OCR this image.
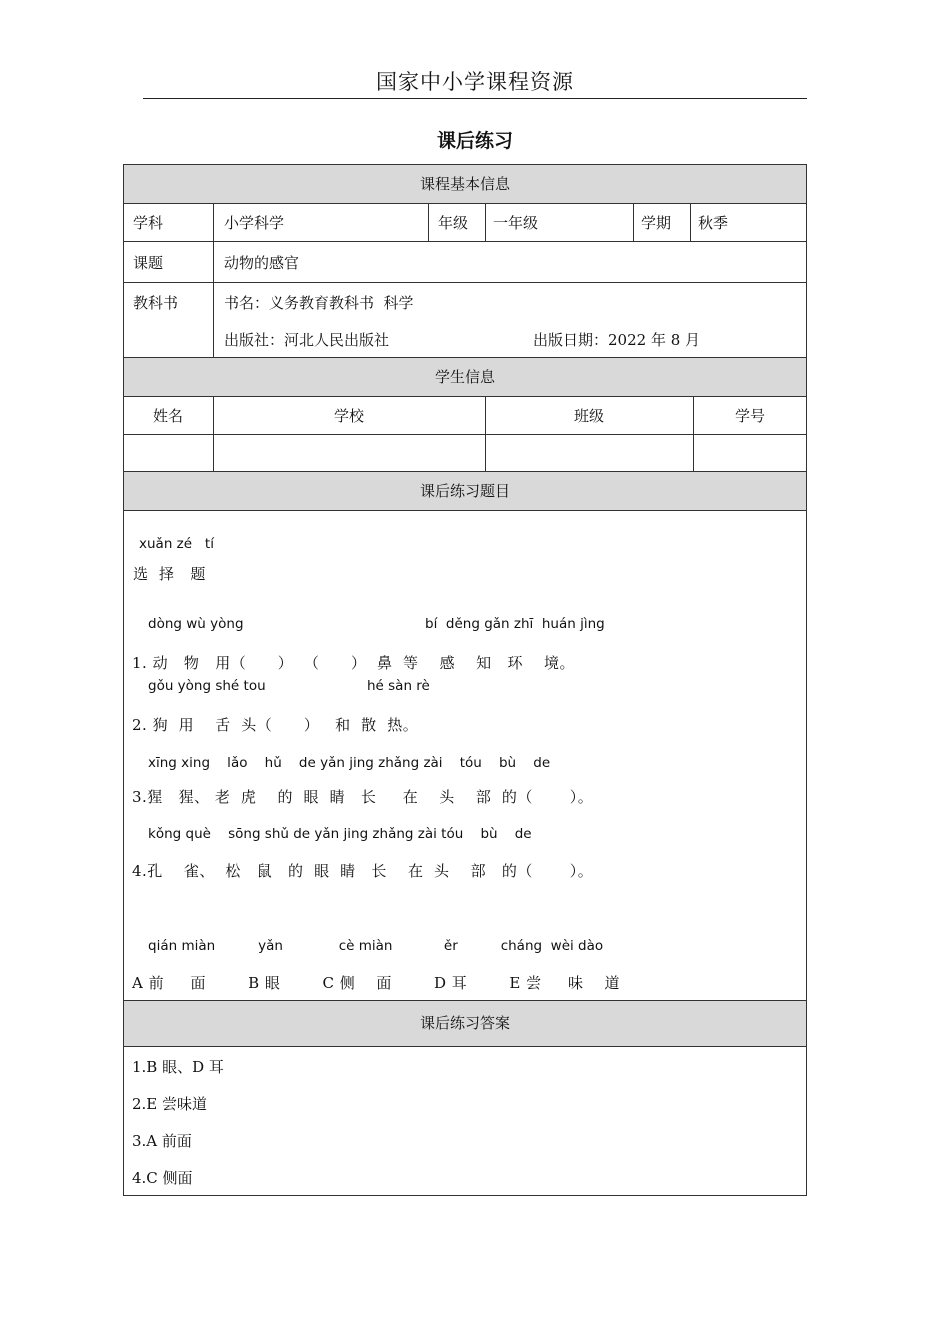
国家中小学课程资源
课后练习
课程基本信息
学生信息
课后练习题目
课后练习答案
学科	小学科学	年级 一年级	学期 秋季
课题	动物的感官
教科书	书名：义务教育教科书  科学
出版社：河北人民出版社	出版日期：2022 年 8 月
姓名	学校	班级	学号
xuǎn zé   tí
选  择   题
dòng wù yòng	bí  děng gǎn zhī  huán jìng
1. 动   物   用（      ）  （      ）  鼻  等    感    知   环    境。
gǒu yòng shé tou	hé sàn rè
2. 狗  用    舌  头（      ）   和  散  热。
xīng xing    lǎo    hǔ    de yǎn jing zhǎng zài    tóu    bù    de
3.猩   猩、 老  虎    的  眼  睛   长     在    头    部  的（       ）。
kǒng què    sōng shǔ de yǎn jing zhǎng zài tóu    bù    de
4.孔    雀、  松   鼠   的  眼  睛   长    在  头    部   的（       ）。
qián miàn          yǎn             cè miàn            ěr          cháng  wèi dào
A 前     面        B 眼        C 侧    面        D 耳        E 尝     味    道
1.B 眼、D 耳
2.E 尝味道
3.A 前面
4.C 侧面
